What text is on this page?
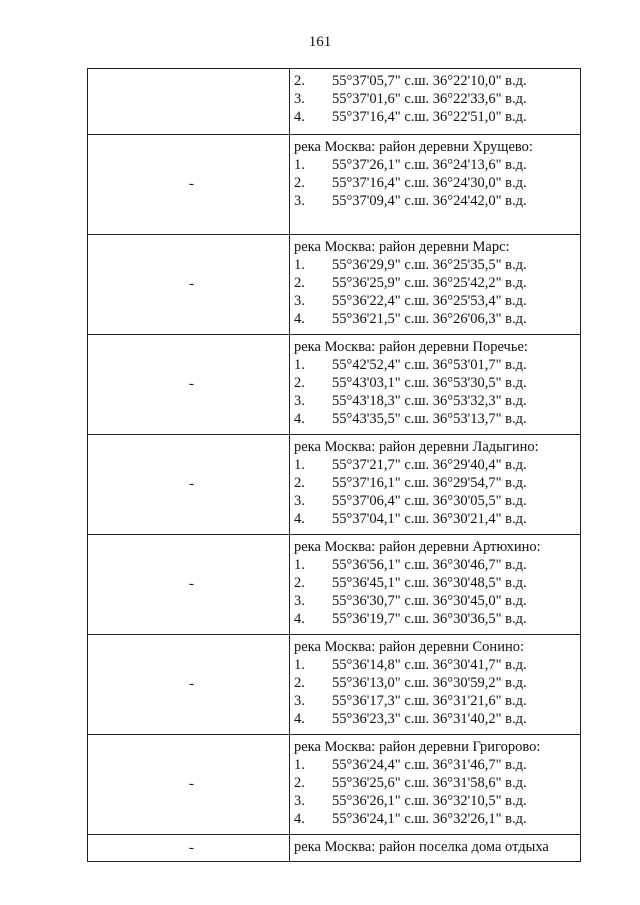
161

	2. 55°37'05,7" с.ш. 36°22'10,0" в.д.
3. 55°37'01,6" с.ш. 36°22'33,6" в.д.
4. 55°37'16,4" с.ш. 36°22'51,0" в.д.

-	река Москва: район деревни Хрущево:
1. 55°37'26,1" с.ш. 36°24'13,6" в.д.
2. 55°37'16,4" с.ш. 36°24'30,0" в.д.
3. 55°37'09,4" с.ш. 36°24'42,0" в.д.

-	река Москва: район деревни Марс:
1. 55°36'29,9" с.ш. 36°25'35,5" в.д.
2. 55°36'25,9" с.ш. 36°25'42,2" в.д.
3. 55°36'22,4" с.ш. 36°25'53,4" в.д.
4. 55°36'21,5" с.ш. 36°26'06,3" в.д.

-	река Москва: район деревни Поречье:
1. 55°42'52,4" с.ш. 36°53'01,7" в.д.
2. 55°43'03,1" с.ш. 36°53'30,5" в.д.
3. 55°43'18,3" с.ш. 36°53'32,3" в.д.
4. 55°43'35,5" с.ш. 36°53'13,7" в.д.

-	река Москва: район деревни Ладыгино:
1. 55°37'21,7" с.ш. 36°29'40,4" в.д.
2. 55°37'16,1" с.ш. 36°29'54,7" в.д.
3. 55°37'06,4" с.ш. 36°30'05,5" в.д.
4. 55°37'04,1" с.ш. 36°30'21,4" в.д.

-	река Москва: район деревни Артюхино:
1. 55°36'56,1" с.ш. 36°30'46,7" в.д.
2. 55°36'45,1" с.ш. 36°30'48,5" в.д.
3. 55°36'30,7" с.ш. 36°30'45,0" в.д.
4. 55°36'19,7" с.ш. 36°30'36,5" в.д.

-	река Москва: район деревни Сонино:
1. 55°36'14,8" с.ш. 36°30'41,7" в.д.
2. 55°36'13,0" с.ш. 36°30'59,2" в.д.
3. 55°36'17,3" с.ш. 36°31'21,6" в.д.
4. 55°36'23,3" с.ш. 36°31'40,2" в.д.

-	река Москва: район деревни Григорово:
1. 55°36'24,4" с.ш. 36°31'46,7" в.д.
2. 55°36'25,6" с.ш. 36°31'58,6" в.д.
3. 55°36'26,1" с.ш. 36°32'10,5" в.д.
4. 55°36'24,1" с.ш. 36°32'26,1" в.д.

-	река Москва: район поселка дома отдыха
